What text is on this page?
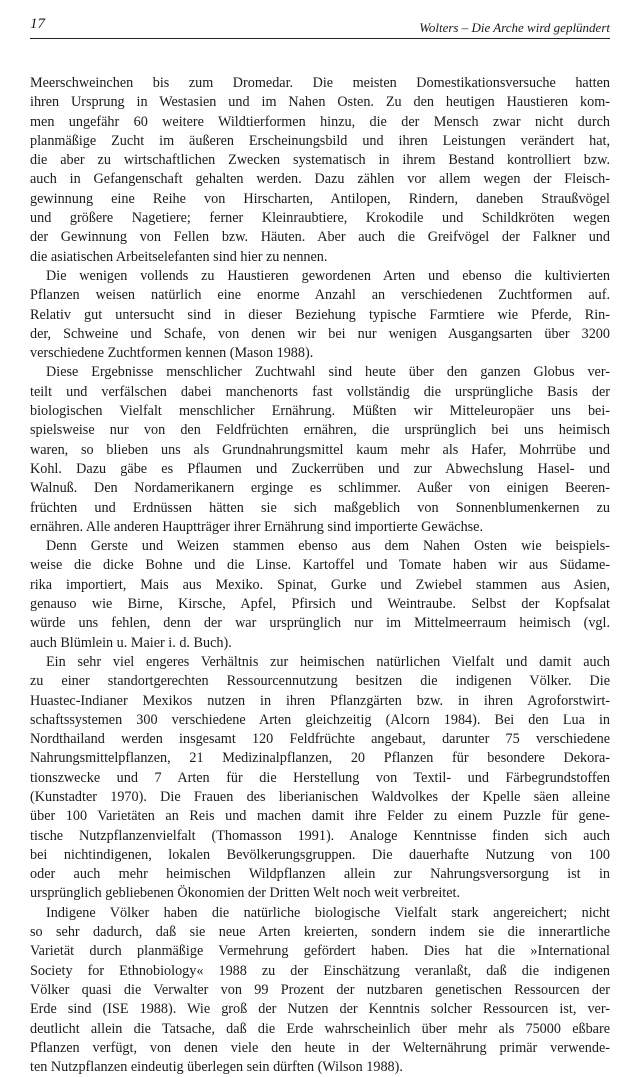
17	Wolters – Die Arche wird geplündert
Meerschweinchen bis zum Dromedar. Die meisten Domestikationsversuche hatten
ihren Ursprung in Westasien und im Nahen Osten. Zu den heutigen Haustieren kom-
men ungefähr 60 weitere Wildtierformen hinzu, die der Mensch zwar nicht durch
planmäßige Zucht im äußeren Erscheinungsbild und ihren Leistungen verändert hat,
die aber zu wirtschaftlichen Zwecken systematisch in ihrem Bestand kontrolliert bzw.
auch in Gefangenschaft gehalten werden. Dazu zählen vor allem wegen der Fleisch-
gewinnung eine Reihe von Hirscharten, Antilopen, Rindern, daneben Straußvögel
und größere Nagetiere; ferner Kleinraubtiere, Krokodile und Schildkröten wegen
der Gewinnung von Fellen bzw. Häuten. Aber auch die Greifvögel der Falkner und
die asiatischen Arbeitselefanten sind hier zu nennen.
Die wenigen vollends zu Haustieren gewordenen Arten und ebenso die kultivierten
Pflanzen weisen natürlich eine enorme Anzahl an verschiedenen Zuchtformen auf.
Relativ gut untersucht sind in dieser Beziehung typische Farmtiere wie Pferde, Rin-
der, Schweine und Schafe, von denen wir bei nur wenigen Ausgangsarten über 3200
verschiedene Zuchtformen kennen (Mason 1988).
Diese Ergebnisse menschlicher Zuchtwahl sind heute über den ganzen Globus ver-
teilt und verfälschen dabei manchenorts fast vollständig die ursprüngliche Basis der
biologischen Vielfalt menschlicher Ernährung. Müßten wir Mitteleuropäer uns bei-
spielsweise nur von den Feldfrüchten ernähren, die ursprünglich bei uns heimisch
waren, so blieben uns als Grundnahrungsmittel kaum mehr als Hafer, Mohrrübe und
Kohl. Dazu gäbe es Pflaumen und Zuckerrüben und zur Abwechslung Hasel- und
Walnuß. Den Nordamerikanern erginge es schlimmer. Außer von einigen Beeren-
früchten und Erdnüssen hätten sie sich maßgeblich von Sonnenblumenkernen zu
ernähren. Alle anderen Hauptträger ihrer Ernährung sind importierte Gewächse.
Denn Gerste und Weizen stammen ebenso aus dem Nahen Osten wie beispiels-
weise die dicke Bohne und die Linse. Kartoffel und Tomate haben wir aus Südame-
rika importiert, Mais aus Mexiko. Spinat, Gurke und Zwiebel stammen aus Asien,
genauso wie Birne, Kirsche, Apfel, Pfirsich und Weintraube. Selbst der Kopfsalat
würde uns fehlen, denn der war ursprünglich nur im Mittelmeerraum heimisch (vgl.
auch Blümlein u. Maier i. d. Buch).
Ein sehr viel engeres Verhältnis zur heimischen natürlichen Vielfalt und damit auch
zu einer standortgerechten Ressourcennutzung besitzen die indigenen Völker. Die
Huastec-Indianer Mexikos nutzen in ihren Pflanzgärten bzw. in ihren Agroforstwirt-
schaftssystemen 300 verschiedene Arten gleichzeitig (Alcorn 1984). Bei den Lua in
Nordthailand werden insgesamt 120 Feldfrüchte angebaut, darunter 75 verschiedene
Nahrungsmittelpflanzen, 21 Medizinalpflanzen, 20 Pflanzen für besondere Dekora-
tionszwecke und 7 Arten für die Herstellung von Textil- und Färbegrundstoffen
(Kunstadter 1970). Die Frauen des liberianischen Waldvolkes der Kpelle säen alleine
über 100 Varietäten an Reis und machen damit ihre Felder zu einem Puzzle für gene-
tische Nutzpflanzenvielfalt (Thomasson 1991). Analoge Kenntnisse finden sich auch
bei nichtindigenen, lokalen Bevölkerungsgruppen. Die dauerhafte Nutzung von 100
oder auch mehr heimischen Wildpflanzen allein zur Nahrungsversorgung ist in
ursprünglich gebliebenen Ökonomien der Dritten Welt noch weit verbreitet.
Indigene Völker haben die natürliche biologische Vielfalt stark angereichert; nicht
so sehr dadurch, daß sie neue Arten kreierten, sondern indem sie die innerartliche
Varietät durch planmäßige Vermehrung gefördert haben. Dies hat die »International
Society for Ethnobiology« 1988 zu der Einschätzung veranlaßt, daß die indigenen
Völker quasi die Verwalter von 99 Prozent der nutzbaren genetischen Ressourcen der
Erde sind (ISE 1988). Wie groß der Nutzen der Kenntnis solcher Ressourcen ist, ver-
deutlicht allein die Tatsache, daß die Erde wahrscheinlich über mehr als 75000 eßbare
Pflanzen verfügt, von denen viele den heute in der Welternährung primär verwende-
ten Nutzpflanzen eindeutig überlegen sein dürften (Wilson 1988).
